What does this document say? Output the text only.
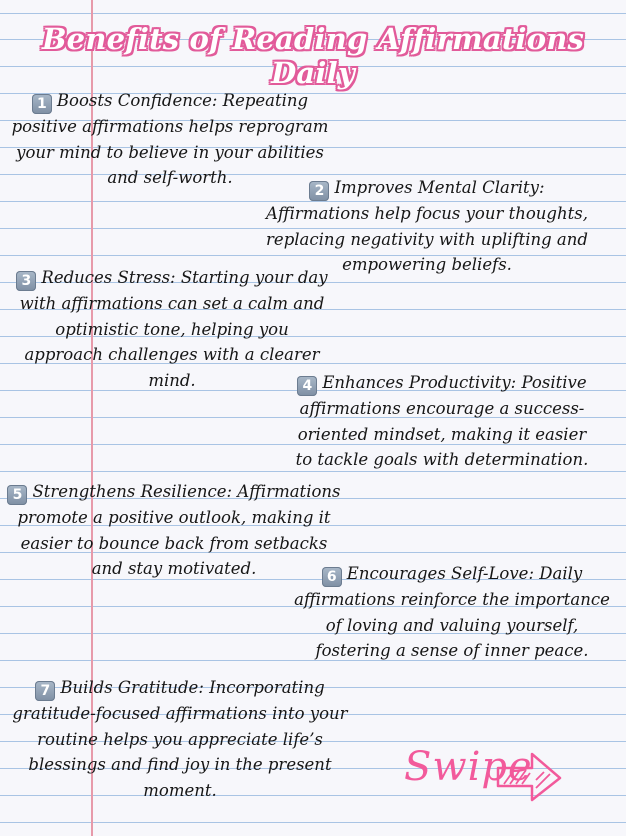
Benefits of Reading Affirmations Daily
1 Boosts Confidence: Repeating positive affirmations helps reprogram your mind to believe in your abilities and self-worth.
2 Improves Mental Clarity: Affirmations help focus your thoughts, replacing negativity with uplifting and empowering beliefs.
3 Reduces Stress: Starting your day with affirmations can set a calm and optimistic tone, helping you approach challenges with a clearer mind.	4 Enhances Productivity: Positive affirmations encourage a success-oriented mindset, making it easier to tackle goals with determination.
5 Strengthens Resilience: Affirmations promote a positive outlook, making it easier to bounce back from setbacks and stay motivated.	6 Encourages Self-Love: Daily affirmations reinforce the importance of loving and valuing yourself, fostering a sense of inner peace.
7 Builds Gratitude: Incorporating gratitude-focused affirmations into your routine helps you appreciate life’s blessings and find joy in the present moment.	Swipe
